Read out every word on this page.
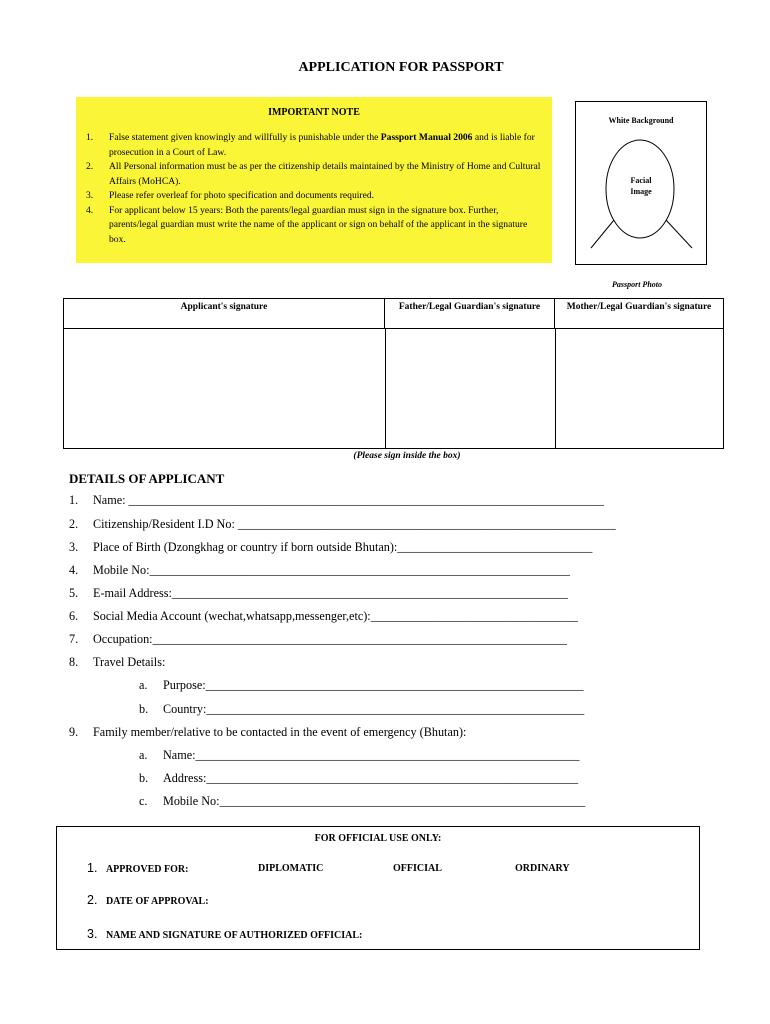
APPLICATION FOR PASSPORT
IMPORTANT NOTE
1. False statement given knowingly and willfully is punishable under the Passport Manual 2006 and is liable for prosecution in a Court of Law.
2. All Personal information must be as per the citizenship details maintained by the Ministry of Home and Cultural Affairs (MoHCA).
3. Please refer overleaf for photo specification and documents required.
4. For applicant below 15 years: Both the parents/legal guardian must sign in the signature box. Further, parents/legal guardian must write the name of the applicant or sign on behalf of the applicant in the signature box.
White Background
Facial
Image
Passport Photo
Applicant's signature	Father/Legal Guardian's signature	Mother/Legal Guardian's signature
(Please sign inside the box)
DETAILS OF APPLICANT
1. Name: ______________________________________________________________________________
2. Citizenship/Resident I.D No: ______________________________________________________________
3. Place of Birth (Dzongkhag or country if born outside Bhutan):________________________________
4. Mobile No:_____________________________________________________________________
5. E-mail Address:_________________________________________________________________
6. Social Media Account (wechat,whatsapp,messenger,etc):__________________________________
7. Occupation:____________________________________________________________________
8. Travel Details:
a. Purpose:______________________________________________________________
b. Country:______________________________________________________________
9. Family member/relative to be contacted in the event of emergency (Bhutan):
a. Name:_______________________________________________________________
b. Address:_____________________________________________________________
c. Mobile No:____________________________________________________________
FOR OFFICIAL USE ONLY:
1. APPROVED FOR:	DIPLOMATIC	OFFICIAL	ORDINARY
2. DATE OF APPROVAL:
3. NAME AND SIGNATURE OF AUTHORIZED OFFICIAL:
